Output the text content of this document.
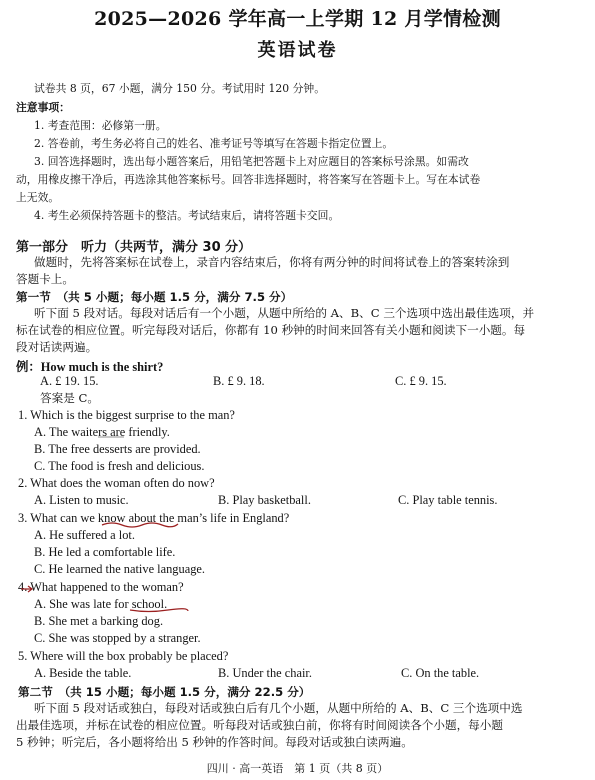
2025—2026 学年高一上学期 12 月学情检测
英语试卷
试卷共 8 页，67 小题，满分 150 分。考试用时 120 分钟。
注意事项：
1. 考查范围：必修第一册。
2. 答卷前，考生务必将自己的姓名、准考证号等填写在答题卡指定位置上。
3. 回答选择题时，选出每小题答案后，用铅笔把答题卡上对应题目的答案标号涂黑。如需改
动，用橡皮擦干净后，再选涂其他答案标号。回答非选择题时，将答案写在答题卡上。写在本试卷
上无效。
4. 考生必须保持答题卡的整洁。考试结束后，请将答题卡交回。
第一部分　听力（共两节，满分 30 分）
做题时，先将答案标在试卷上，录音内容结束后，你将有两分钟的时间将试卷上的答案转涂到
答题卡上。
第一节　（共 5 小题；每小题 1.5 分，满分 7.5 分）
听下面 5 段对话。每段对话后有一个小题，从题中所给的 A、B、C 三个选项中选出最佳选项，并
标在试卷的相应位置。听完每段对话后，你都有 10 秒钟的时间来回答有关小题和阅读下一小题。每
段对话读两遍。
例：How much is the shirt?
A. £ 19. 15.	B. £ 9. 18.	C. £ 9. 15.
答案是 C。
1. Which is the biggest surprise to the man?
A. The waiters are friendly.
B. The free desserts are provided.
C. The food is fresh and delicious.
2. What does the woman often do now?
A. Listen to music.	B. Play basketball.	C. Play table tennis.
3. What can we know about the man’s life in England?
A. He suffered a lot.
B. He led a comfortable life.
C. He learned the native language.
4. What happened to the woman?
A. She was late for school.
B. She met a barking dog.
C. She was stopped by a stranger.
5. Where will the box probably be placed?
A. Beside the table.	B. Under the chair.	C. On the table.
第二节　（共 15 小题；每小题 1.5 分，满分 22.5 分）
听下面 5 段对话或独白，每段对话或独白后有几个小题，从题中所给的 A、B、C 三个选项中选
出最佳选项，并标在试卷的相应位置。听每段对话或独白前，你将有时间阅读各个小题，每小题
5 秒钟；听完后，各小题将给出 5 秒钟的作答时间。每段对话或独白读两遍。
四川 · 高一英语　第 1 页（共 8 页）
